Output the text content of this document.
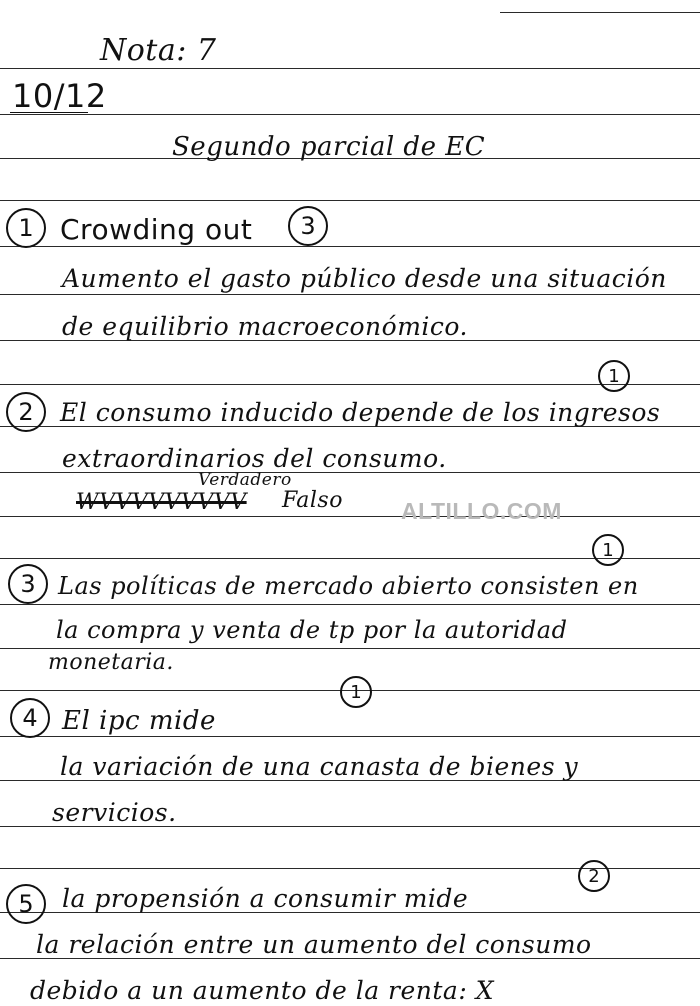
Nota: 7
10/12
Segundo parcial de EC
1 Crowding out	3
Aumento el gasto público desde una situación
de equilibrio macroeconómico.
1
2	El consumo inducido depende de los ingresos
extraordinarios del consumo.
Verdadero
WVVVVVVVVV Falso	ALTILLO.COM
1
3 Las políticas de mercado abierto consisten en
la compra y venta de tp por la autoridad
monetaria.
1
4 El ipc mide
la variación de una canasta de bienes y
servicios.
2
5	la propensión a consumir mide
la relación entre un aumento del consumo
debido a un aumento de la renta: X
